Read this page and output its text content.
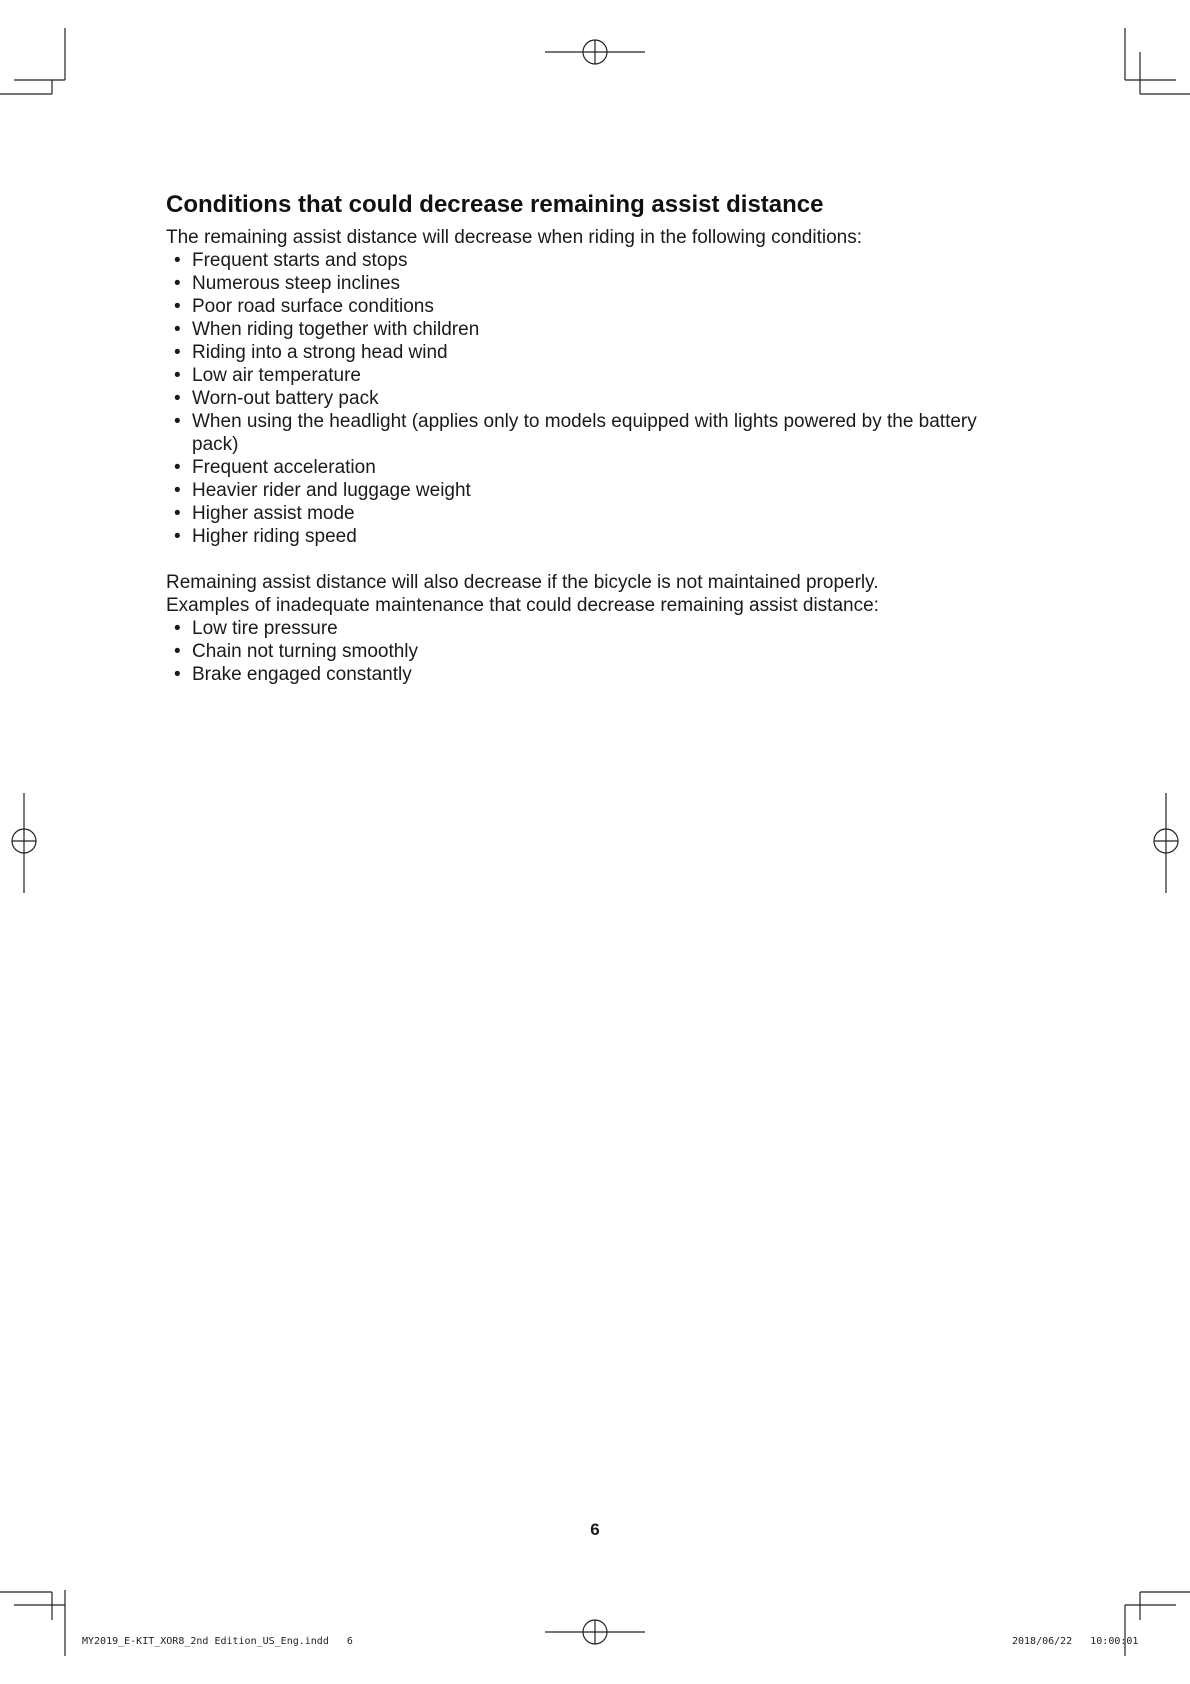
Conditions that could decrease remaining assist distance

The remaining assist distance will decrease when riding in the following conditions:

• Frequent starts and stops
• Numerous steep inclines
• Poor road surface conditions
• When riding together with children
• Riding into a strong head wind
• Low air temperature
• Worn-out battery pack
• When using the headlight (applies only to models equipped with lights powered by the battery pack)
• Frequent acceleration
• Heavier rider and luggage weight
• Higher assist mode
• Higher riding speed

Remaining assist distance will also decrease if the bicycle is not maintained properly.

Examples of inadequate maintenance that could decrease remaining assist distance:

• Low tire pressure
• Chain not turning smoothly
• Brake engaged constantly
6
MY2019_E-KIT_XOR8_2nd Edition_US_Eng.indd   6	2018/06/22   10:00:01
